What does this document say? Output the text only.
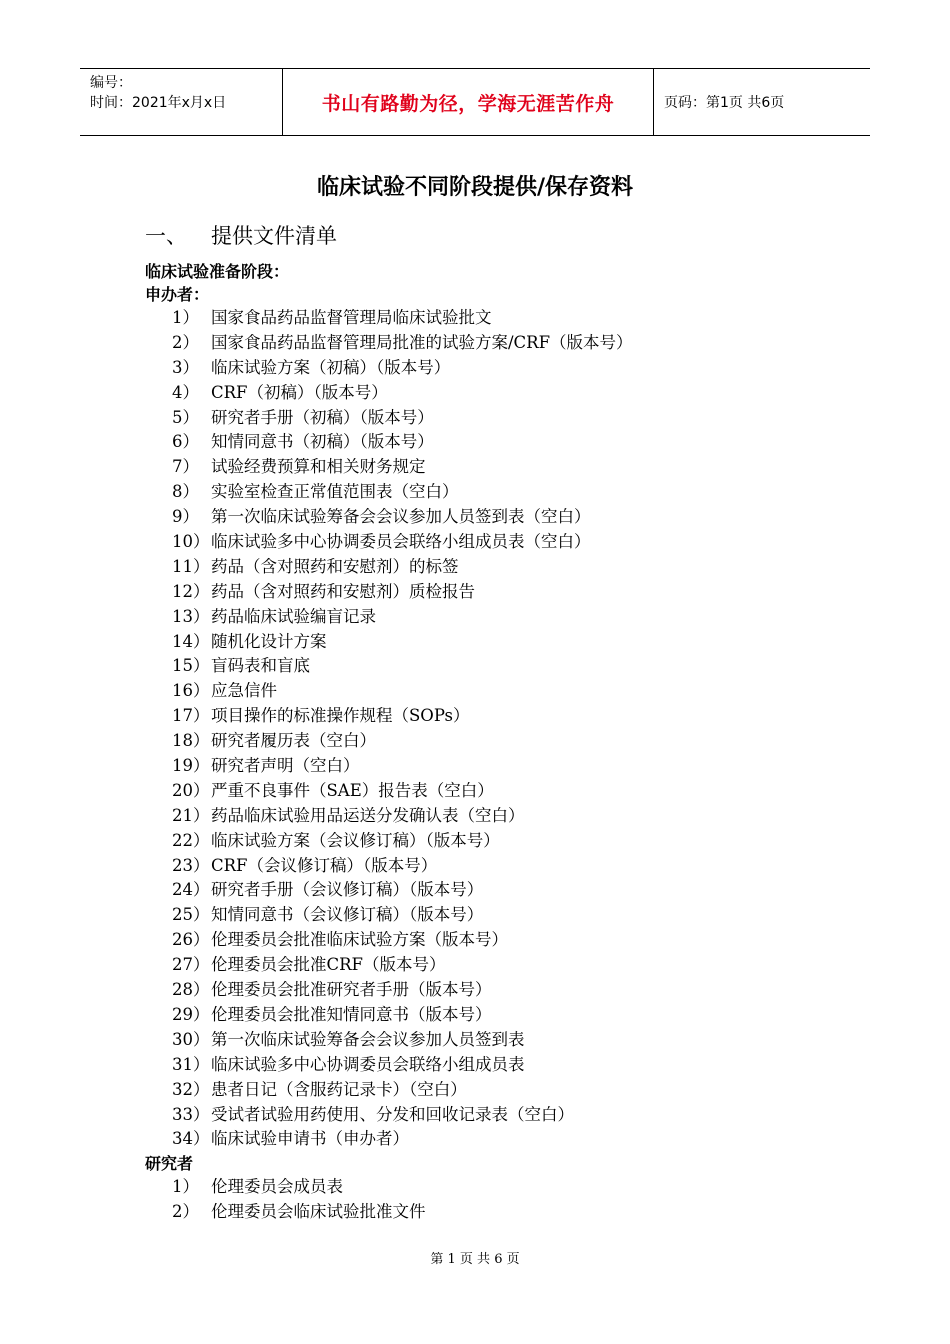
编号：
时间：2021年x月x日	书山有路勤为径，学海无涯苦作舟	页码：第1页 共6页
临床试验不同阶段提供/保存资料
一、	提供文件清单
临床试验准备阶段：
申办者：
1） 国家食品药品监督管理局临床试验批文
2） 国家食品药品监督管理局批准的试验方案/CRF（版本号）
3） 临床试验方案（初稿）（版本号）
4） CRF（初稿）（版本号）
5） 研究者手册（初稿）（版本号）
6） 知情同意书（初稿）（版本号）
7） 试验经费预算和相关财务规定
8） 实验室检查正常值范围表（空白）
9） 第一次临床试验筹备会会议参加人员签到表（空白）
10） 临床试验多中心协调委员会联络小组成员表（空白）
11） 药品（含对照药和安慰剂）的标签
12） 药品（含对照药和安慰剂）质检报告
13） 药品临床试验编盲记录
14） 随机化设计方案
15） 盲码表和盲底
16） 应急信件
17） 项目操作的标准操作规程（SOPs）
18） 研究者履历表（空白）
19） 研究者声明（空白）
20） 严重不良事件（SAE）报告表（空白）
21） 药品临床试验用品运送分发确认表（空白）
22） 临床试验方案（会议修订稿）（版本号）
23） CRF（会议修订稿）（版本号）
24） 研究者手册（会议修订稿）（版本号）
25） 知情同意书（会议修订稿）（版本号）
26） 伦理委员会批准临床试验方案（版本号）
27） 伦理委员会批准CRF（版本号）
28） 伦理委员会批准研究者手册（版本号）
29） 伦理委员会批准知情同意书（版本号）
30） 第一次临床试验筹备会会议参加人员签到表
31） 临床试验多中心协调委员会联络小组成员表
32） 患者日记（含服药记录卡）（空白）
33） 受试者试验用药使用、分发和回收记录表（空白）
34） 临床试验申请书（申办者）
研究者
1） 伦理委员会成员表
2） 伦理委员会临床试验批准文件
第 1 页 共 6 页
